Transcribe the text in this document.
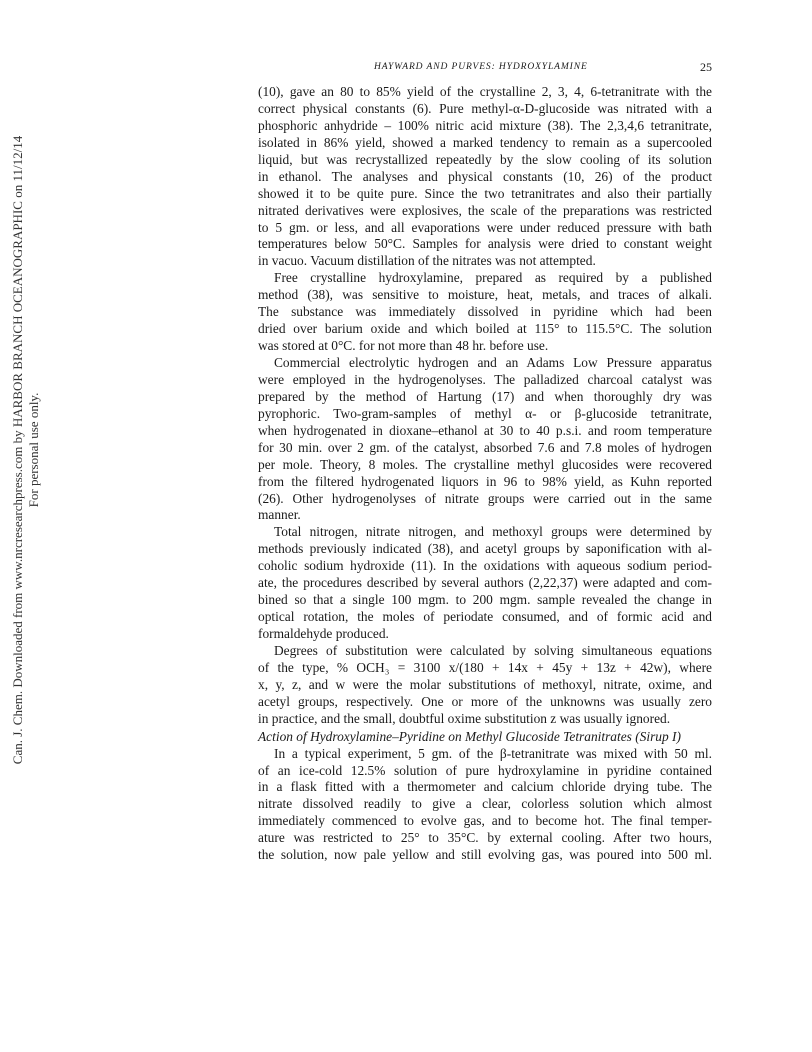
Can. J. Chem. Downloaded from www.nrcresearchpress.com by HARBOR BRANCH OCEANOGRAPHIC on 11/12/14 For personal use only.
HAYWARD AND PURVES: HYDROXYLAMINE	25
(10), gave an 80 to 85% yield of the crystalline 2, 3, 4, 6-tetranitrate with the
correct physical constants (6). Pure methyl-α-D-glucoside was nitrated with a
phosphoric anhydride – 100% nitric acid mixture (38). The 2,3,4,6 tetranitrate,
isolated in 86% yield, showed a marked tendency to remain as a supercooled
liquid, but was recrystallized repeatedly by the slow cooling of its solution
in ethanol. The analyses and physical constants (10, 26) of the product
showed it to be quite pure. Since the two tetranitrates and also their partially
nitrated derivatives were explosives, the scale of the preparations was restricted
to 5 gm. or less, and all evaporations were under reduced pressure with bath
temperatures below 50°C. Samples for analysis were dried to constant weight
in vacuo. Vacuum distillation of the nitrates was not attempted.
Free crystalline hydroxylamine, prepared as required by a published
method (38), was sensitive to moisture, heat, metals, and traces of alkali.
The substance was immediately dissolved in pyridine which had been
dried over barium oxide and which boiled at 115° to 115.5°C. The solution
was stored at 0°C. for not more than 48 hr. before use.
Commercial electrolytic hydrogen and an Adams Low Pressure apparatus
were employed in the hydrogenolyses. The palladized charcoal catalyst was
prepared by the method of Hartung (17) and when thoroughly dry was
pyrophoric. Two-gram-samples of methyl α- or β-glucoside tetranitrate,
when hydrogenated in dioxane–ethanol at 30 to 40 p.s.i. and room temperature
for 30 min. over 2 gm. of the catalyst, absorbed 7.6 and 7.8 moles of hydrogen
per mole. Theory, 8 moles. The crystalline methyl glucosides were recovered
from the filtered hydrogenated liquors in 96 to 98% yield, as Kuhn reported
(26). Other hydrogenolyses of nitrate groups were carried out in the same
manner.
Total nitrogen, nitrate nitrogen, and methoxyl groups were determined by
methods previously indicated (38), and acetyl groups by saponification with al-
coholic sodium hydroxide (11). In the oxidations with aqueous sodium period-
ate, the procedures described by several authors (2,22,37) were adapted and com-
bined so that a single 100 mgm. to 200 mgm. sample revealed the change in
optical rotation, the moles of periodate consumed, and of formic acid and
formaldehyde produced.
Degrees of substitution were calculated by solving simultaneous equations
of the type, % OCH₃ = 3100 x/(180 + 14x + 45y + 13z + 42w), where
x, y, z, and w were the molar substitutions of methoxyl, nitrate, oxime, and
acetyl groups, respectively. One or more of the unknowns was usually zero
in practice, and the small, doubtful oxime substitution z was usually ignored.
Action of Hydroxylamine–Pyridine on Methyl Glucoside Tetranitrates (Sirup I)
In a typical experiment, 5 gm. of the β-tetranitrate was mixed with 50 ml.
of an ice-cold 12.5% solution of pure hydroxylamine in pyridine contained
in a flask fitted with a thermometer and calcium chloride drying tube. The
nitrate dissolved readily to give a clear, colorless solution which almost
immediately commenced to evolve gas, and to become hot. The final temper-
ature was restricted to 25° to 35°C. by external cooling. After two hours,
the solution, now pale yellow and still evolving gas, was poured into 500 ml.
